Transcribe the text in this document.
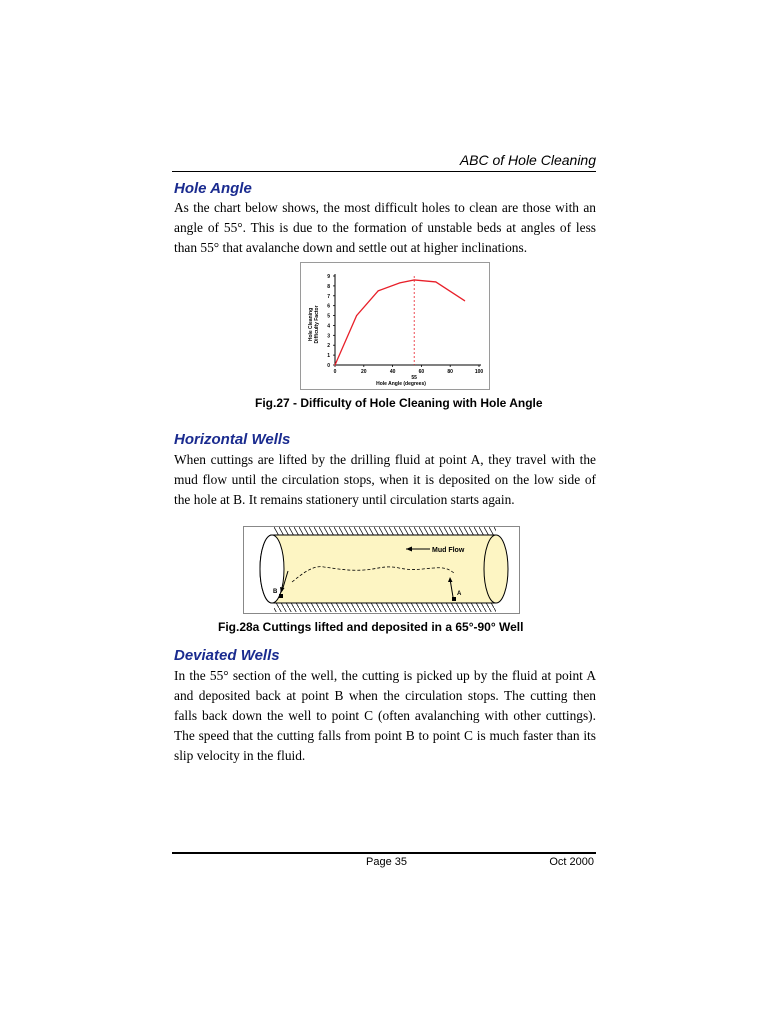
ABC of Hole Cleaning
Hole Angle
As the chart below shows, the most difficult holes to clean are those with an angle of 55°. This is due to the formation of unstable beds at angles of less than 55° that avalanche down and settle out at higher inclinations.
0
1
2
3
4
5
6
7
8
9
0	20	40	60	80	100
Hole Angle (degrees)
Hole Cleaning Difficulty Factor
55
Fig.27 - Difficulty of Hole Cleaning with Hole Angle
Horizontal Wells
When cuttings are lifted by the drilling fluid at point A, they travel with the mud flow until the circulation stops, when it is deposited on the low side of the hole at B. It remains stationery until circulation starts again.
Mud Flow
A
B
Fig.28a Cuttings lifted and deposited in a 65°-90° Well
Deviated Wells
In the 55° section of the well, the cutting is picked up by the fluid at point A and deposited back at point B when the circulation stops. The cutting then falls back down the well to point C (often avalanching with other cuttings). The speed that the cutting falls from point B to point C is much faster than its slip velocity in the fluid.
Page 35	Oct 2000
